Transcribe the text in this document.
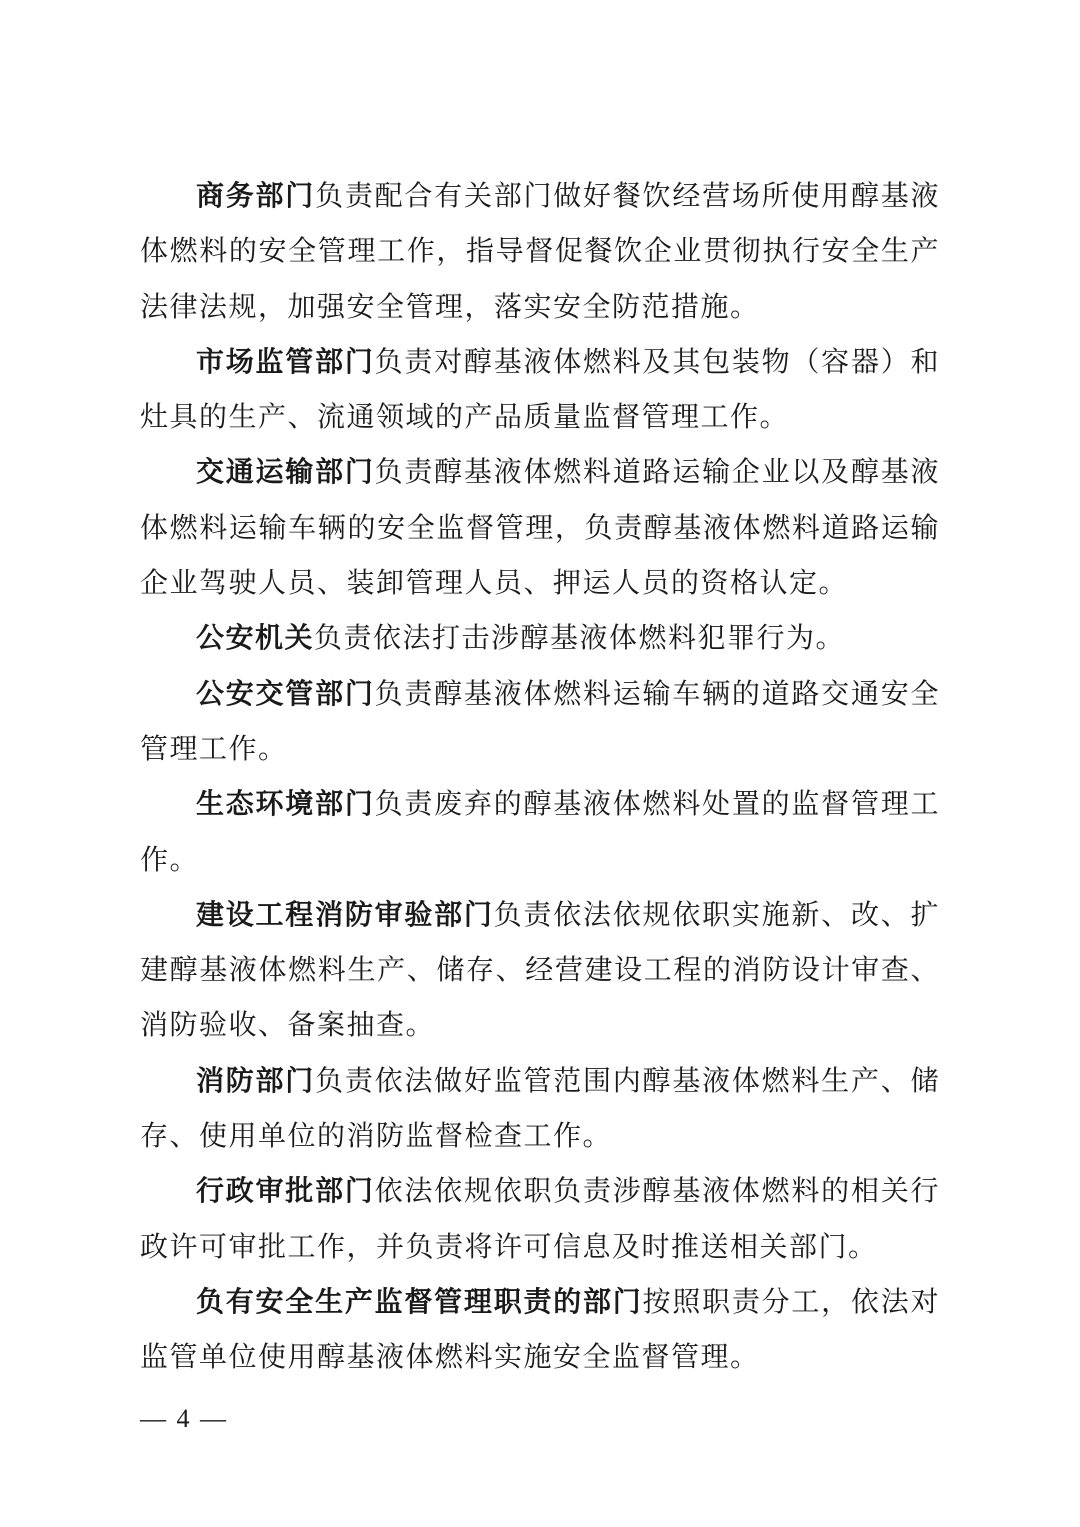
商务部门负责配合有关部门做好餐饮经营场所使用醇基液体燃料的安全管理工作，指导督促餐饮企业贯彻执行安全生产法律法规，加强安全管理，落实安全防范措施。

市场监管部门负责对醇基液体燃料及其包装物（容器）和灶具的生产、流通领域的产品质量监督管理工作。

交通运输部门负责醇基液体燃料道路运输企业以及醇基液体燃料运输车辆的安全监督管理，负责醇基液体燃料道路运输企业驾驶人员、装卸管理人员、押运人员的资格认定。

公安机关负责依法打击涉醇基液体燃料犯罪行为。

公安交管部门负责醇基液体燃料运输车辆的道路交通安全管理工作。

生态环境部门负责废弃的醇基液体燃料处置的监督管理工作。

建设工程消防审验部门负责依法依规依职实施新、改、扩建醇基液体燃料生产、储存、经营建设工程的消防设计审查、消防验收、备案抽查。

消防部门负责依法做好监管范围内醇基液体燃料生产、储存、使用单位的消防监督检查工作。

行政审批部门依法依规依职负责涉醇基液体燃料的相关行政许可审批工作，并负责将许可信息及时推送相关部门。

负有安全生产监督管理职责的部门按照职责分工，依法对监管单位使用醇基液体燃料实施安全监督管理。

— 4 —
